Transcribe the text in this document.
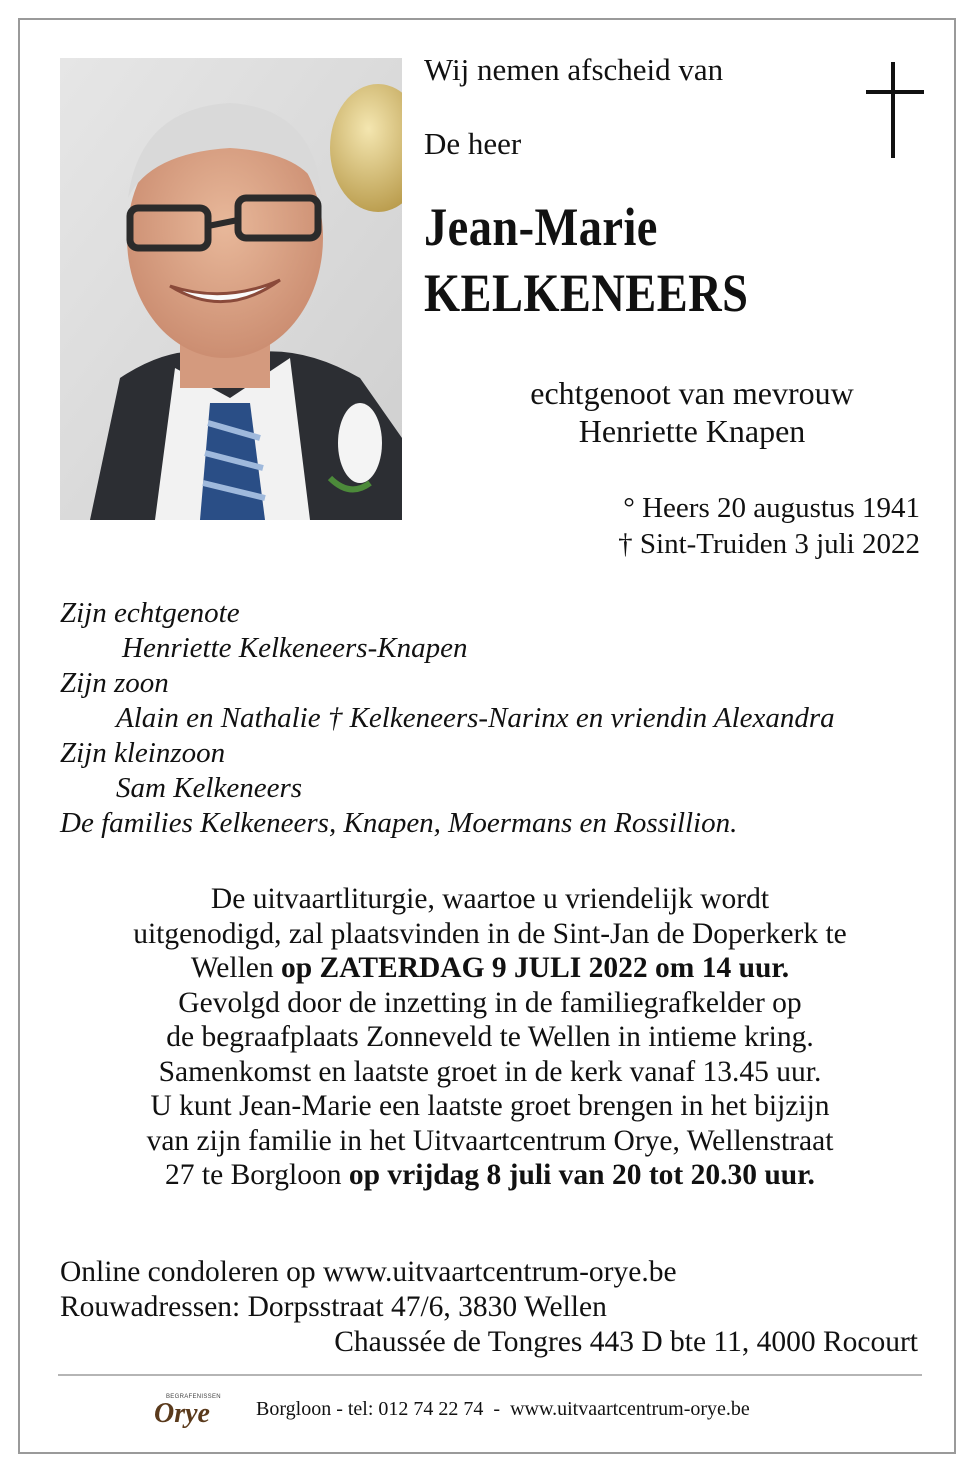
Wij nemen afscheid van
De heer
Jean-Marie
KELKENEERS
echtgenoot van mevrouw
Henriette Knapen
° Heers 20 augustus 1941
† Sint-Truiden 3 juli 2022
Zijn echtgenote
Henriette Kelkeneers-Knapen
Zijn zoon
Alain en Nathalie † Kelkeneers-Narinx en vriendin Alexandra
Zijn kleinzoon
Sam Kelkeneers
De families Kelkeneers, Knapen, Moermans en Rossillion.
De uitvaartliturgie, waartoe u vriendelijk wordt
uitgenodigd, zal plaatsvinden in de Sint-Jan de Doperkerk te
Wellen op ZATERDAG 9 JULI 2022 om 14 uur.
Gevolgd door de inzetting in de familiegrafkelder op
de begraafplaats Zonneveld te Wellen in intieme kring.
Samenkomst en laatste groet in de kerk vanaf 13.45 uur.
U kunt Jean-Marie een laatste groet brengen in het bijzijn
van zijn familie in het Uitvaartcentrum Orye, Wellenstraat
27 te Borgloon op vrijdag 8 juli van 20 tot 20.30 uur.
Online condoleren op www.uitvaartcentrum-orye.be
Rouwadressen: Dorpsstraat 47/6, 3830 Wellen
Chaussée de Tongres 443 D bte 11, 4000 Rocourt
BEGRAFENISSEN
Orye Borgloon - tel: 012 74 22 74  -  www.uitvaartcentrum-orye.be
